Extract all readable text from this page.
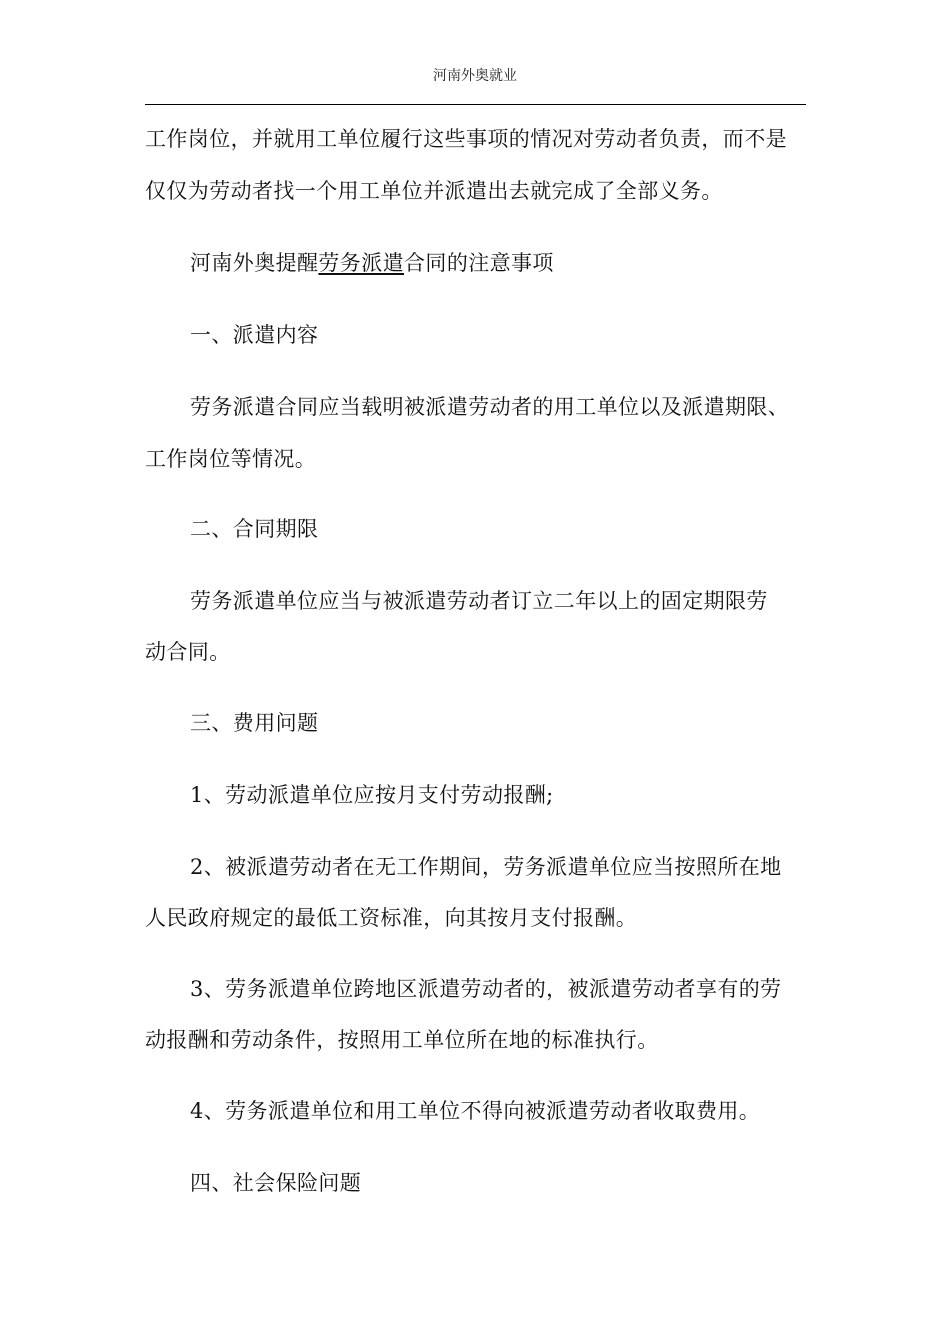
河南外奥就业
工作岗位，并就用工单位履行这些事项的情况对劳动者负责，而不是
仅仅为劳动者找一个用工单位并派遣出去就完成了全部义务。
河南外奥提醒劳务派遣合同的注意事项
一、派遣内容
劳务派遣合同应当载明被派遣劳动者的用工单位以及派遣期限、
工作岗位等情况。
二、合同期限
劳务派遣单位应当与被派遣劳动者订立二年以上的固定期限劳
动合同。
三、费用问题
1、劳动派遣单位应按月支付劳动报酬;
2、被派遣劳动者在无工作期间，劳务派遣单位应当按照所在地
人民政府规定的最低工资标准，向其按月支付报酬。
3、劳务派遣单位跨地区派遣劳动者的，被派遣劳动者享有的劳
动报酬和劳动条件，按照用工单位所在地的标准执行。
4、劳务派遣单位和用工单位不得向被派遣劳动者收取费用。
四、社会保险问题
